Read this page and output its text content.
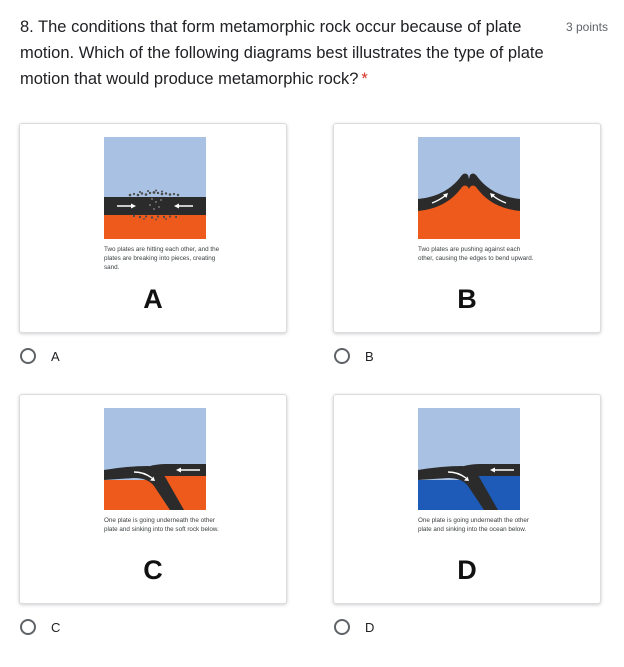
8. The conditions that form metamorphic rock occur because of plate motion. Which of the following diagrams best illustrates the type of plate motion that would produce metamorphic rock? *
3 points
Two plates are hitting each other, and the plates are breaking into pieces, creating sand.
A
Two plates are pushing against each other, causing the edges to bend upward.
B
One plate is going underneath the other plate and sinking into the soft rock below.
C
One plate is going underneath the other plate and sinking into the ocean below.
D
A	B
C	D
